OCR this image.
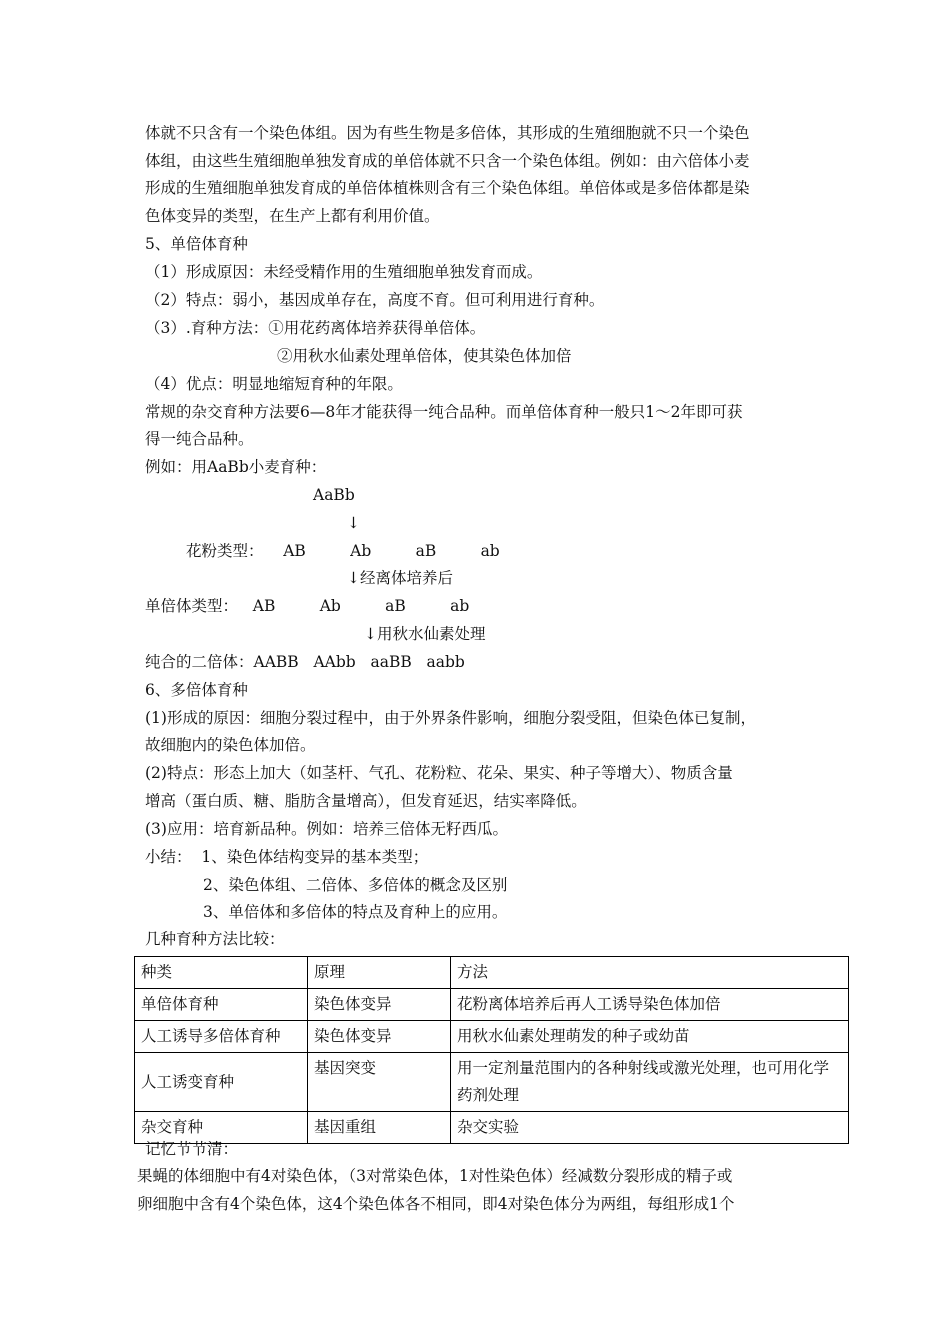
体就不只含有一个染色体组。因为有些生物是多倍体，其形成的生殖细胞就不只一个染色
体组，由这些生殖细胞单独发育成的单倍体就不只含一个染色体组。例如：由六倍体小麦
形成的生殖细胞单独发育成的单倍体植株则含有三个染色体组。单倍体或是多倍体都是染
色体变异的类型，在生产上都有利用价值。
5、单倍体育种
（1）形成原因：未经受精作用的生殖细胞单独发育而成。
（2）特点：弱小，基因成单存在，高度不育。但可利用进行育种。
（3）.育种方法：①用花药离体培养获得单倍体。
②用秋水仙素处理单倍体，使其染色体加倍
（4）优点：明显地缩短育种的年限。
常规的杂交育种方法要6—8年才能获得一纯合品种。而单倍体育种一般只1～2年即可获
得一纯合品种。
例如：用AaBb小麦育种：
AaBb
↓
花粉类型：    AB         Ab         aB         ab
↓经离体培养后
单倍体类型：   AB         Ab         aB         ab
↓用秋水仙素处理
纯合的二倍体：AABB   AAbb   aaBB   aabb
6、多倍体育种
(1)形成的原因：细胞分裂过程中，由于外界条件影响，细胞分裂受阻，但染色体已复制，
故细胞内的染色体加倍。
(2)特点：形态上加大（如茎杆、气孔、花粉粒、花朵、果实、种子等增大）、物质含量
增高（蛋白质、糖、脂肪含量增高），但发育延迟，结实率降低。
(3)应用：培育新品种。例如：培养三倍体无籽西瓜。
小结：  1、染色体结构变异的基本类型；
2、染色体组、二倍体、多倍体的概念及区别
3、单倍体和多倍体的特点及育种上的应用。
几种育种方法比较：
种类	原理	方法
单倍体育种	染色体变异	花粉离体培养后再人工诱导染色体加倍
人工诱导多倍体育种	染色体变异	用秋水仙素处理萌发的种子或幼苗
人工诱变育种	基因突变	用一定剂量范围内的各种射线或激光处理，也可用化学药剂处理
杂交育种	基因重组	杂交实验
记忆节节清：
果蝇的体细胞中有4对染色体，（3对常染色体，1对性染色体）经减数分裂形成的精子或
卵细胞中含有4个染色体，这4个染色体各不相同，即4对染色体分为两组，每组形成1个
